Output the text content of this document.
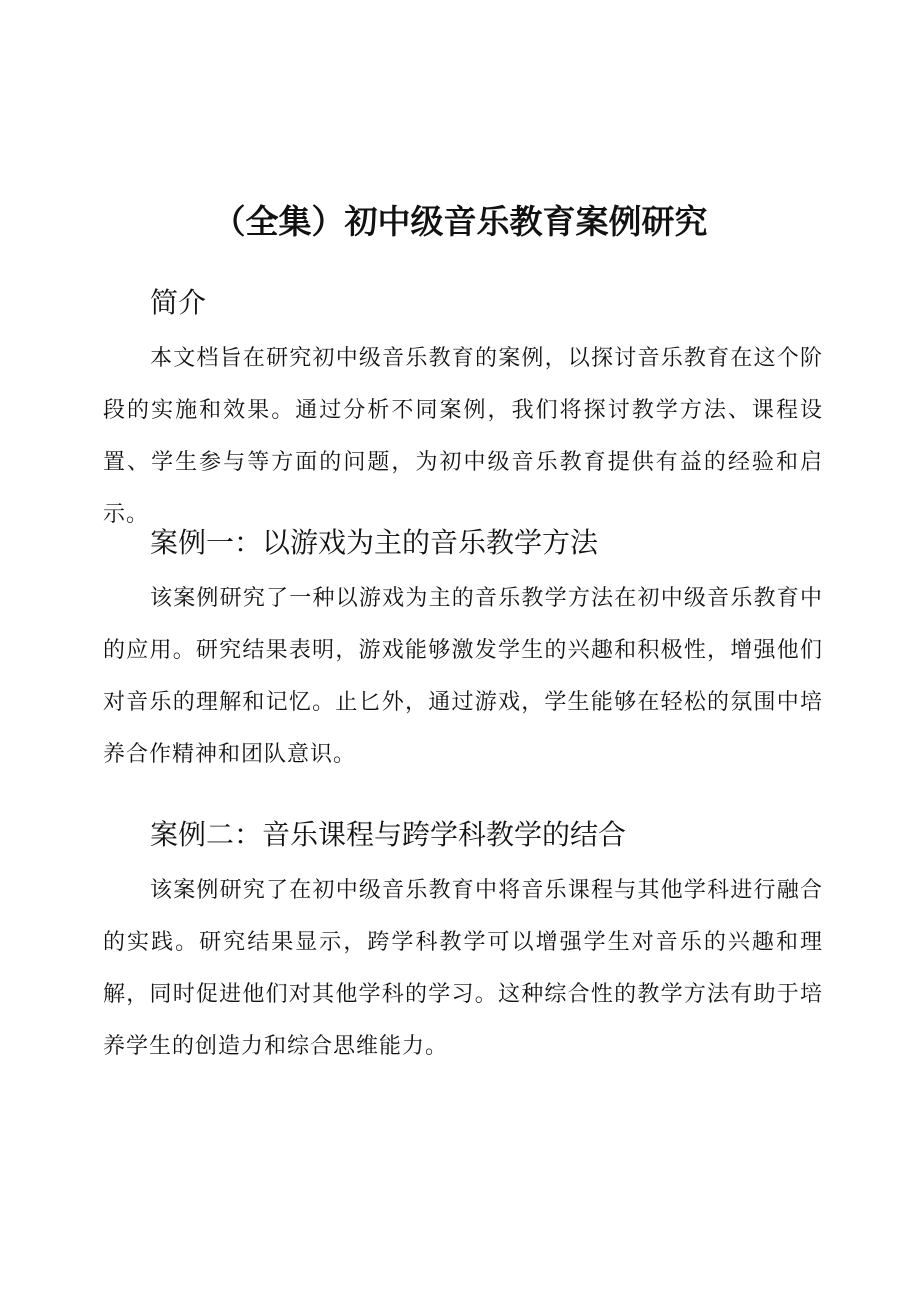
（全集）初中级音乐教育案例研究
简介

本文档旨在研究初中级音乐教育的案例，以探讨音乐教育在这个阶段的实施和效果。通过分析不同案例，我们将探讨教学方法、课程设置、学生参与等方面的问题，为初中级音乐教育提供有益的经验和启示。

案例一：以游戏为主的音乐教学方法

该案例研究了一种以游戏为主的音乐教学方法在初中级音乐教育中的应用。研究结果表明，游戏能够激发学生的兴趣和积极性，增强他们对音乐的理解和记忆。止匕外，通过游戏，学生能够在轻松的氛围中培养合作精神和团队意识。

案例二：音乐课程与跨学科教学的结合

该案例研究了在初中级音乐教育中将音乐课程与其他学科进行融合的实践。研究结果显示，跨学科教学可以增强学生对音乐的兴趣和理解，同时促进他们对其他学科的学习。这种综合性的教学方法有助于培养学生的创造力和综合思维能力。
